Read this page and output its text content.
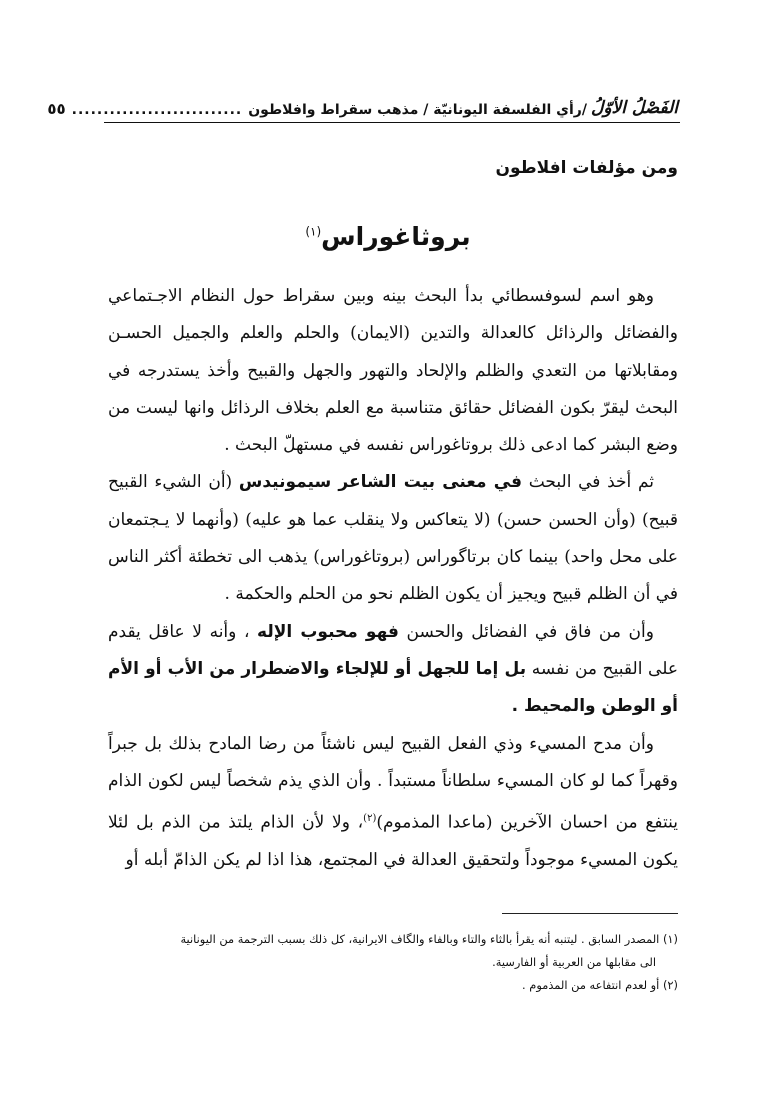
الفَصْلُ الأوّلُ
/رأي الفلسفة اليونانيّة / مذهب سقراط وافلاطون
...........................
٥٥
ومن مؤلفات افلاطون
بروثاغوراس$^{(١)}$

وهو اسم لسوفسطائي بدأ البحث بينه وبين سقراط حول النظام الاجـتماعي والفضائل والرذائل كالعدالة والتدين (الايمان) والحلم والعلم والجميل الحسـن ومقابلاتها من التعدي والظلم والإلحاد والتهور والجهل والقبيح وأخذ يستدرجه في البحث ليقرّ بكون الفضائل حقائق متناسبة مع العلم بخلاف الرذائل وانها ليست من وضع البشر كما ادعى ذلك بروتاغوراس نفسه في مستهلّ البحث .

ثم أخذ في البحث في معنى بيت الشاعر سيمونيدس (أن الشيء القبيح قبيح) (وأن الحسن حسن) (لا يتعاكس ولا ينقلب عما هو عليه) (وأنهما لا يـجتمعان على محل واحد) بينما كان برتاگوراس (بروتاغوراس) يذهب الى تخطئة أكثر الناس في أن الظلم قبيح ويجيز أن يكون الظلم نحو من الحلم والحكمة .

وأن من فاق في الفضائل والحسن فهو محبوب الإله ، وأنه لا عاقل يقدم على القبيح من نفسه بل إما للجهل أو للإلجاء والاضطرار من الأب أو الأم أو الوطن والمحيط .

وأن مدح المسيء وذي الفعل القبيح ليس ناشئاً من رضا المادح بذلك بل جبراً وقهراً كما لو كان المسيء سلطاناً مستبداً . وأن الذي يذم شخصاً ليس لكون الذام ينتفع من احسان الآخرين (ماعدا المذموم)$^{(٢)}$، ولا لأن الذام يلتذ من الذم بل لئلا يكون المسيء موجوداً ولتحقيق العدالة في المجتمع، هذا اذا لم يكن الذامّ أبله أو

(١) المصدر السابق . ليتنبه أنه يقرأ بالثاء والتاء وبالفاء والگاف الايرانية، كل ذلك بسبب الترجمة من اليونانية

الى مقابلها من العربية أو الفارسية.

(٢) أو لعدم انتفاعه من المذموم .
